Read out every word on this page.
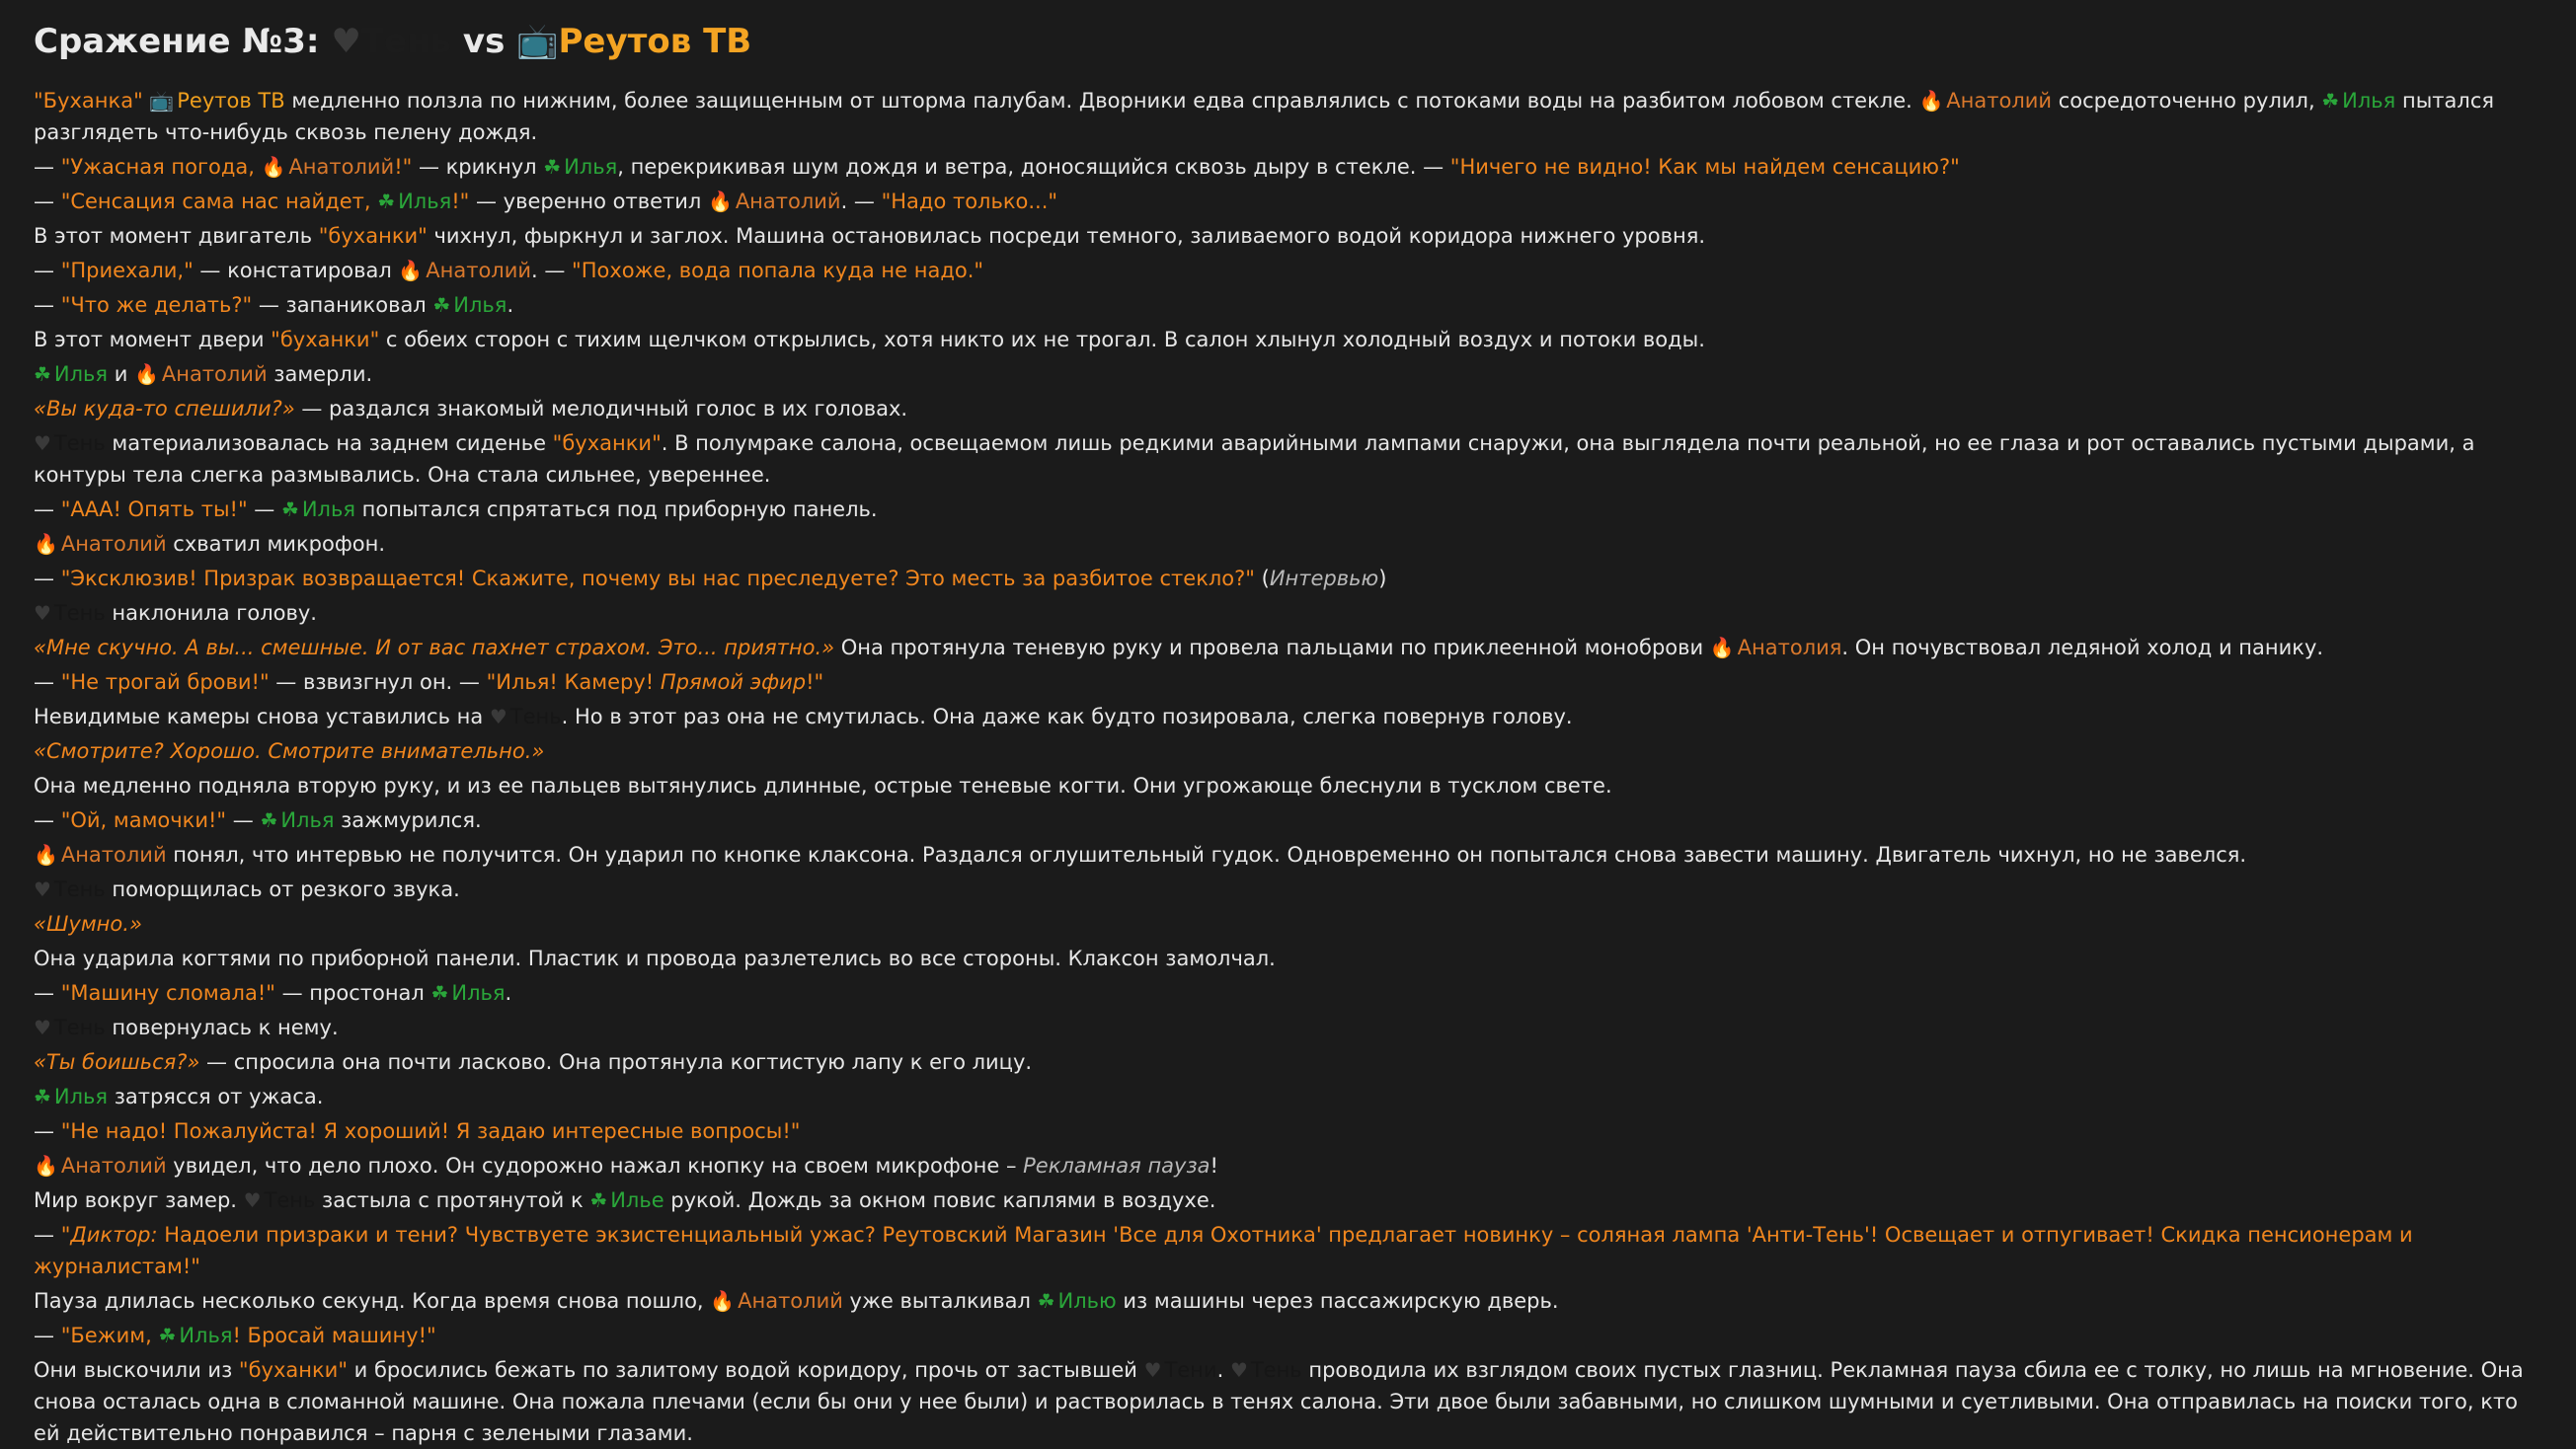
Сражение №3: ♥Тень vs 📺Реутов ТВ
"Буханка" 📺 Реутов ТВ медленно ползла по нижним, более защищенным от шторма палубам. Дворники едва справлялись с потоками воды на разбитом лобовом стекле. 🔥 Анатолий сосредоточенно рулил, ☘ Илья пытался разглядеть что-нибудь сквозь пелену дождя.
— "Ужасная погода, 🔥 Анатолий!" — крикнул ☘ Илья, перекрикивая шум дождя и ветра, доносящийся сквозь дыру в стекле. — "Ничего не видно! Как мы найдем сенсацию?"
— "Сенсация сама нас найдет, ☘ Илья!" — уверенно ответил 🔥 Анатолий. — "Надо только..."
В этот момент двигатель "буханки" чихнул, фыркнул и заглох. Машина остановилась посреди темного, заливаемого водой коридора нижнего уровня.
— "Приехали," — констатировал 🔥 Анатолий. — "Похоже, вода попала куда не надо."
— "Что же делать?" — запаниковал ☘ Илья.
В этот момент двери "буханки" с обеих сторон с тихим щелчком открылись, хотя никто их не трогал. В салон хлынул холодный воздух и потоки воды.
☘ Илья и 🔥 Анатолий замерли.
«Вы куда-то спешили?» — раздался знакомый мелодичный голос в их головах.
♥ Тень материализовалась на заднем сиденье "буханки". В полумраке салона, освещаемом лишь редкими аварийными лампами снаружи, она выглядела почти реальной, но ее глаза и рот оставались пустыми дырами, а контуры тела слегка размывались. Она стала сильнее, увереннее.
— "ААА! Опять ты!" — ☘ Илья попытался спрятаться под приборную панель.
🔥 Анатолий схватил микрофон.
— "Эксклюзив! Призрак возвращается! Скажите, почему вы нас преследуете? Это месть за разбитое стекло?" (Интервью)
♥ Тень наклонила голову.
«Мне скучно. А вы... смешные. И от вас пахнет страхом. Это... приятно.» Она протянула теневую руку и провела пальцами по приклеенной моноброви 🔥 Анатолия. Он почувствовал ледяной холод и панику.
— "Не трогай брови!" — взвизгнул он. — "Илья! Камеру! Прямой эфир!"
Невидимые камеры снова уставились на ♥ Тень. Но в этот раз она не смутилась. Она даже как будто позировала, слегка повернув голову.
«Смотрите? Хорошо. Смотрите внимательно.»
Она медленно подняла вторую руку, и из ее пальцев вытянулись длинные, острые теневые когти. Они угрожающе блеснули в тусклом свете.
— "Ой, мамочки!" — ☘ Илья зажмурился.
🔥 Анатолий понял, что интервью не получится. Он ударил по кнопке клаксона. Раздался оглушительный гудок. Одновременно он попытался снова завести машину. Двигатель чихнул, но не завелся.
♥ Тень поморщилась от резкого звука.
«Шумно.»
Она ударила когтями по приборной панели. Пластик и провода разлетелись во все стороны. Клаксон замолчал.
— "Машину сломала!" — простонал ☘ Илья.
♥ Тень повернулась к нему.
«Ты боишься?» — спросила она почти ласково. Она протянула когтистую лапу к его лицу.
☘ Илья затрясся от ужаса.
— "Не надо! Пожалуйста! Я хороший! Я задаю интересные вопросы!"
🔥 Анатолий увидел, что дело плохо. Он судорожно нажал кнопку на своем микрофоне – Рекламная пауза!
Мир вокруг замер. ♥ Тень застыла с протянутой к ☘ Илье рукой. Дождь за окном повис каплями в воздухе.
— "Диктор: Надоели призраки и тени? Чувствуете экзистенциальный ужас? Реутовский Магазин 'Все для Охотника' предлагает новинку – соляная лампа 'Анти-Тень'! Освещает и отпугивает! Скидка пенсионерам и журналистам!"
Пауза длилась несколько секунд. Когда время снова пошло, 🔥 Анатолий уже выталкивал ☘ Илью из машины через пассажирскую дверь.
— "Бежим, ☘ Илья! Бросай машину!"
Они выскочили из "буханки" и бросились бежать по залитому водой коридору, прочь от застывшей ♥ Тени. ♥ Тень проводила их взглядом своих пустых глазниц. Рекламная пауза сбила ее с толку, но лишь на мгновение. Она снова осталась одна в сломанной машине. Она пожала плечами (если бы они у нее были) и растворилась в тенях салона. Эти двое были забавными, но слишком шумными и суетливыми. Она отправилась на поиски того, кто ей действительно понравился – парня с зелеными глазами.
